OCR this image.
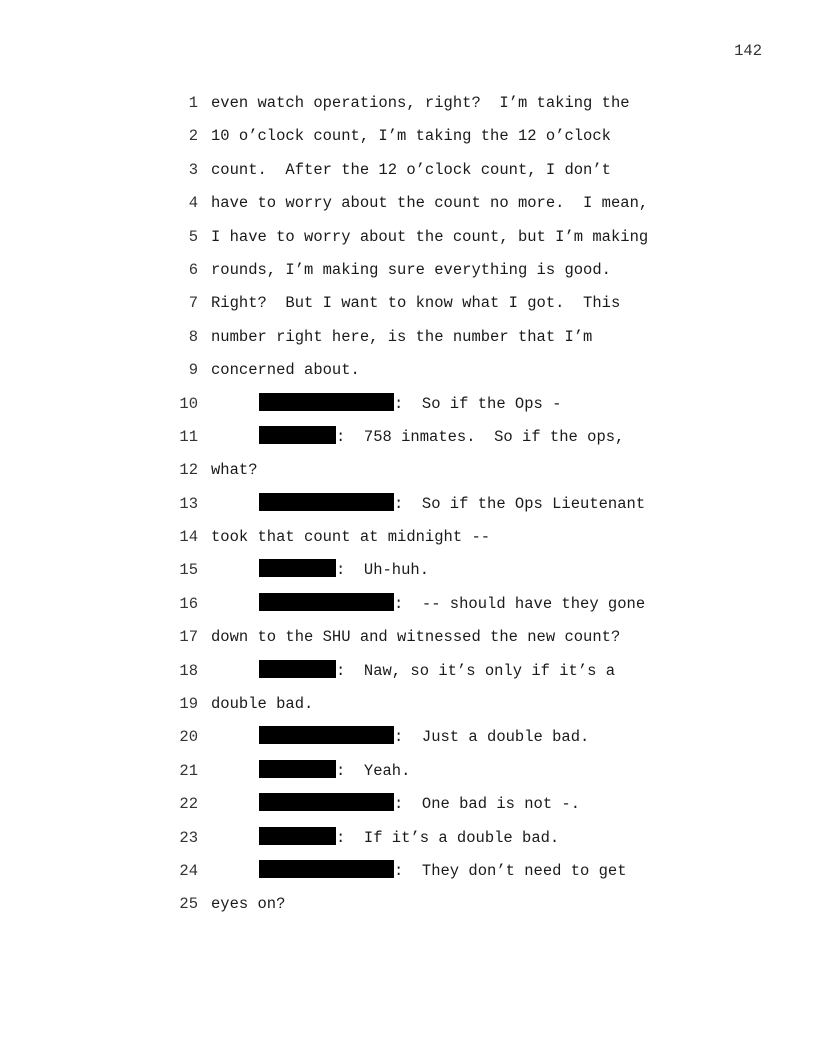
142
1 even watch operations, right?  I’m taking the
2 10 o’clock count, I’m taking the 12 o’clock
3 count.  After the 12 o’clock count, I don’t
4 have to worry about the count no more.  I mean,
5 I have to worry about the count, but I’m making
6 rounds, I’m making sure everything is good.
7 Right?  But I want to know what I got.  This
8 number right here, is the number that I’m
9 concerned about.
10	:  So if the Ops -
11	:  758 inmates.  So if the ops,
12 what?
13	:  So if the Ops Lieutenant
14 took that count at midnight --
15	:  Uh-huh.
16	:  -- should have they gone
17 down to the SHU and witnessed the new count?
18	:  Naw, so it’s only if it’s a
19 double bad.
20	:  Just a double bad.
21	:  Yeah.
22	:  One bad is not -.
23	:  If it’s a double bad.
24	:  They don’t need to get
25 eyes on?
